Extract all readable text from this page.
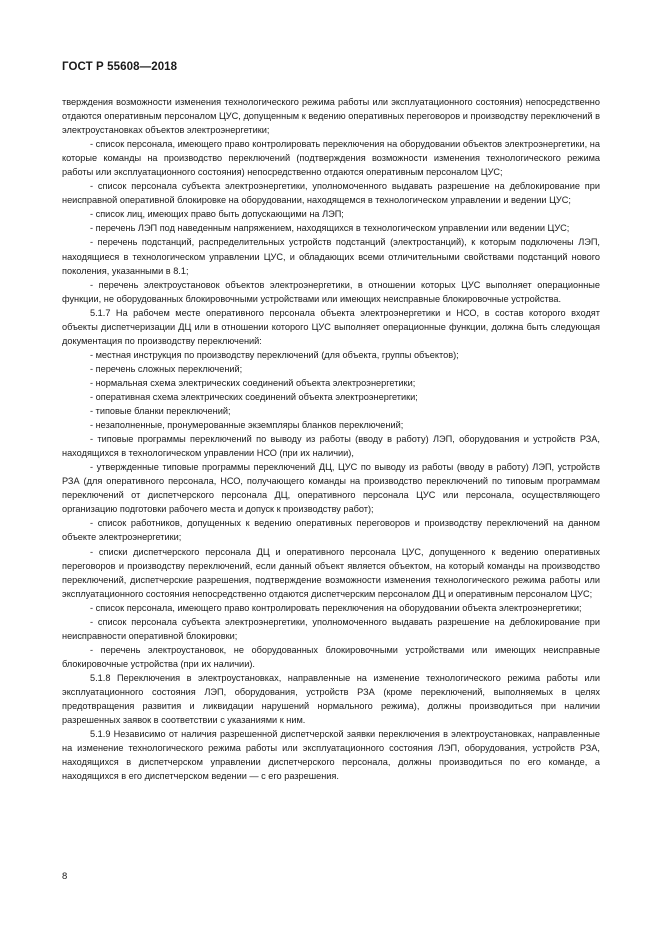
ГОСТ Р 55608—2018

тверждения возможности изменения технологического режима работы или эксплуатационного состояния) непосредственно отдаются оперативным персоналом ЦУС, допущенным к ведению оперативных переговоров и производству переключений в электроустановках объектов электроэнергетики;

- список персонала, имеющего право контролировать переключения на оборудовании объектов электроэнергетики, на которые команды на производство переключений (подтверждения возможности изменения технологического режима работы или эксплуатационного состояния) непосредственно отдаются оперативным персоналом ЦУС;

- список персонала субъекта электроэнергетики, уполномоченного выдавать разрешение на деблокирование при неисправной оперативной блокировке на оборудовании, находящемся в технологическом управлении и ведении ЦУС;

- список лиц, имеющих право быть допускающими на ЛЭП;

- перечень ЛЭП под наведенным напряжением, находящихся в технологическом управлении или ведении ЦУС;

- перечень подстанций, распределительных устройств подстанций (электростанций), к которым подключены ЛЭП, находящиеся в технологическом управлении ЦУС, и обладающих всеми отличительными свойствами подстанций нового поколения, указанными в 8.1;

- перечень электроустановок объектов электроэнергетики, в отношении которых ЦУС выполняет операционные функции, не оборудованных блокировочными устройствами или имеющих неисправные блокировочные устройства.

5.1.7 На рабочем месте оперативного персонала объекта электроэнергетики и НСО, в состав которого входят объекты диспетчеризации ДЦ или в отношении которого ЦУС выполняет операционные функции, должна быть следующая документация по производству переключений:

- местная инструкция по производству переключений (для объекта, группы объектов);

- перечень сложных переключений;

- нормальная схема электрических соединений объекта электроэнергетики;

- оперативная схема электрических соединений объекта электроэнергетики;

- типовые бланки переключений;

- незаполненные, пронумерованные экземпляры бланков переключений;

- типовые программы переключений по выводу из работы (вводу в работу) ЛЭП, оборудования и устройств РЗА, находящихся в технологическом управлении НСО (при их наличии),

- утвержденные типовые программы переключений ДЦ, ЦУС по выводу из работы (вводу в работу) ЛЭП, устройств РЗА (для оперативного персонала, НСО, получающего команды на производство переключений по типовым программам переключений от диспетчерского персонала ДЦ, оперативного персонала ЦУС или персонала, осуществляющего организацию подготовки рабочего места и допуск к производству работ);

- список работников, допущенных к ведению оперативных переговоров и производству переключений на данном объекте электроэнергетики;

- списки диспетчерского персонала ДЦ и оперативного персонала ЦУС, допущенного к ведению оперативных переговоров и производству переключений, если данный объект является объектом, на который команды на производство переключений, диспетчерские разрешения, подтверждение возможности изменения технологического режима работы или эксплуатационного состояния непосредственно отдаются диспетчерским персоналом ДЦ и оперативным персоналом ЦУС;

- список персонала, имеющего право контролировать переключения на оборудовании объекта электроэнергетики;

- список персонала субъекта электроэнергетики, уполномоченного выдавать разрешение на деблокирование при неисправности оперативной блокировки;

- перечень электроустановок, не оборудованных блокировочными устройствами или имеющих неисправные блокировочные устройства (при их наличии).

5.1.8 Переключения в электроустановках, направленные на изменение технологического режима работы или эксплуатационного состояния ЛЭП, оборудования, устройств РЗА (кроме переключений, выполняемых в целях предотвращения развития и ликвидации нарушений нормального режима), должны производиться при наличии разрешенных заявок в соответствии с указаниями к ним.

5.1.9 Независимо от наличия разрешенной диспетчерской заявки переключения в электроустановках, направленные на изменение технологического режима работы или эксплуатационного состояния ЛЭП, оборудования, устройств РЗА, находящихся в диспетчерском управлении диспетчерского персонала, должны производиться по его команде, а находящихся в его диспетчерском ведении — с его разрешения.

8
